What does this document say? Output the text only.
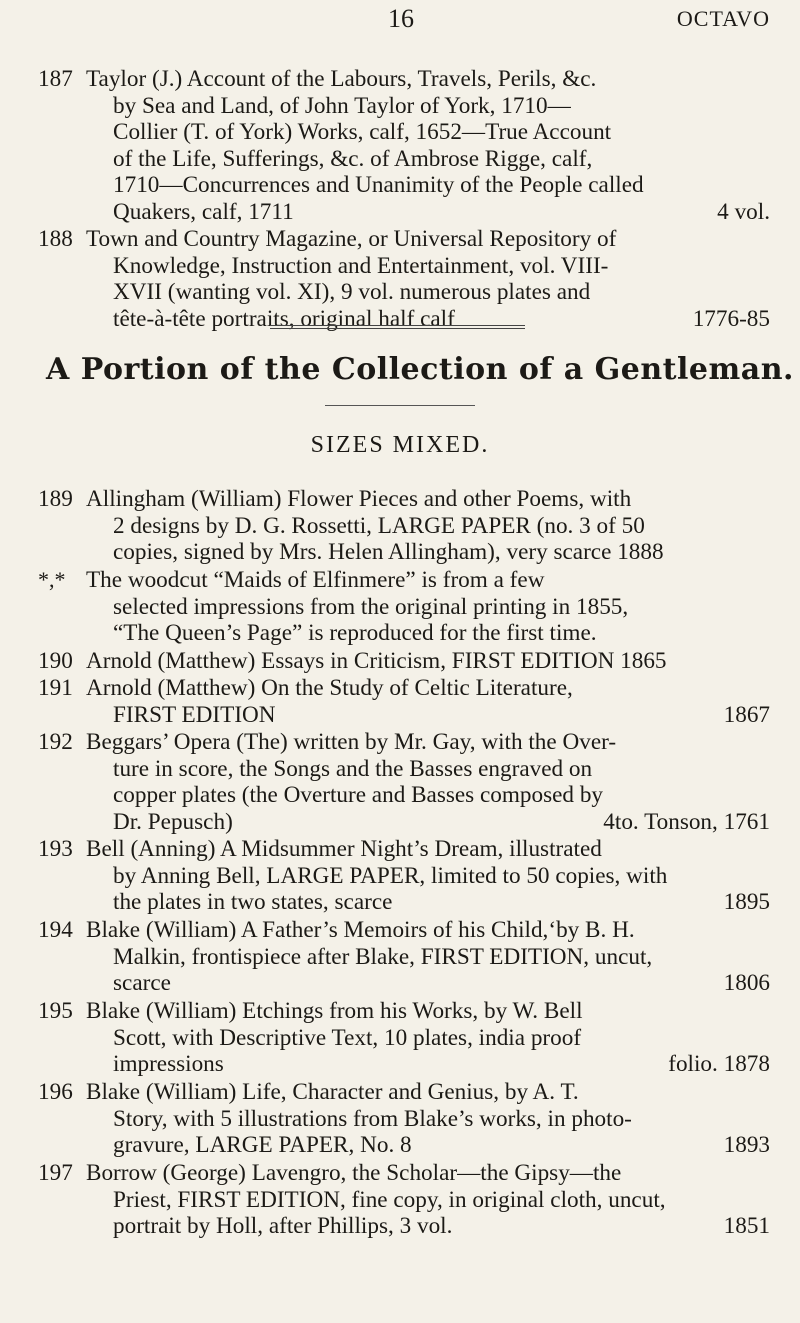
16	OCTAVO
187 Taylor (J.) Account of the Labours, Travels, Perils, &c.
by Sea and Land, of John Taylor of York, 1710—
Collier (T. of York) Works, calf, 1652—True Account
of the Life, Sufferings, &c. of Ambrose Rigge, calf,
1710—Concurrences and Unanimity of the People called
Quakers, calf, 1711	4 vol.
188 Town and Country Magazine, or Universal Repository of
Knowledge, Instruction and Entertainment, vol. VIII-
XVII (wanting vol. XI), 9 vol. numerous plates and
tête-à-tête portraits, original half calf	1776-85
A Portion of the Collection of a Gentleman.
SIZES MIXED.
189 Allingham (William) Flower Pieces and other Poems, with
2 designs by D. G. Rossetti, LARGE PAPER (no. 3 of 50
copies, signed by Mrs. Helen Allingham), very scarce 1888
*,* The woodcut “Maids of Elfinmere” is from a few
selected impressions from the original printing in 1855,
“The Queen’s Page” is reproduced for the first time.
190 Arnold (Matthew) Essays in Criticism, FIRST EDITION 1865
191 Arnold (Matthew) On the Study of Celtic Literature,
FIRST EDITION	1867
192 Beggars’ Opera (The) written by Mr. Gay, with the Over-
ture in score, the Songs and the Basses engraved on
copper plates (the Overture and Basses composed by
Dr. Pepusch)	4to. Tonson, 1761
193 Bell (Anning) A Midsummer Night’s Dream, illustrated
by Anning Bell, LARGE PAPER, limited to 50 copies, with
the plates in two states, scarce	1895
194 Blake (William) A Father’s Memoirs of his Child,‘by B. H.
Malkin, frontispiece after Blake, FIRST EDITION, uncut,
scarce	1806
195 Blake (William) Etchings from his Works, by W. Bell
Scott, with Descriptive Text, 10 plates, india proof
impressions	folio. 1878
196 Blake (William) Life, Character and Genius, by A. T.
Story, with 5 illustrations from Blake’s works, in photo-
gravure, LARGE PAPER, No. 8	1893
197 Borrow (George) Lavengro, the Scholar—the Gipsy—the
Priest, FIRST EDITION, fine copy, in original cloth, uncut,
portrait by Holl, after Phillips, 3 vol.	1851
